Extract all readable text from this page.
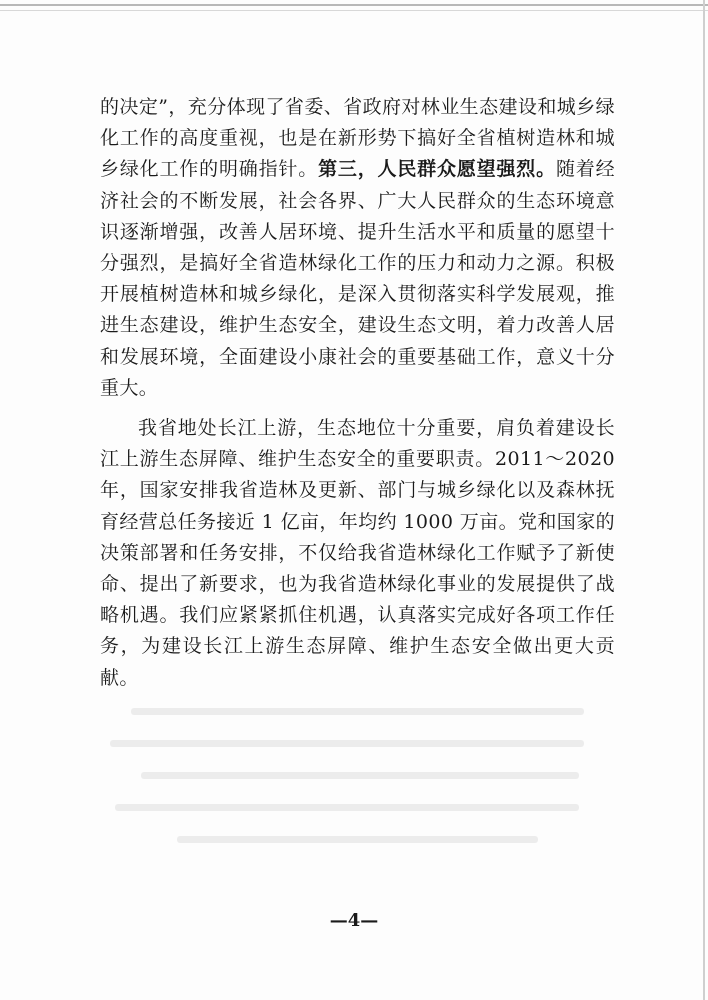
的决定”，充分体现了省委、省政府对林业生态建设和城乡绿化工作的高度重视，也是在新形势下搞好全省植树造林和城乡绿化工作的明确指针。第三，人民群众愿望强烈。随着经济社会的不断发展，社会各界、广大人民群众的生态环境意识逐渐增强，改善人居环境、提升生活水平和质量的愿望十分强烈，是搞好全省造林绿化工作的压力和动力之源。积极开展植树造林和城乡绿化，是深入贯彻落实科学发展观，推进生态建设，维护生态安全，建设生态文明，着力改善人居和发展环境，全面建设小康社会的重要基础工作，意义十分重大。

我省地处长江上游，生态地位十分重要，肩负着建设长江上游生态屏障、维护生态安全的重要职责。2011～2020 年，国家安排我省造林及更新、部门与城乡绿化以及森林抚育经营总任务接近 1 亿亩，年均约 1000 万亩。党和国家的决策部署和任务安排，不仅给我省造林绿化工作赋予了新使命、提出了新要求，也为我省造林绿化事业的发展提供了战略机遇。我们应紧紧抓住机遇，认真落实完成好各项工作任务，为建设长江上游生态屏障、维护生态安全做出更大贡献。

—4—
